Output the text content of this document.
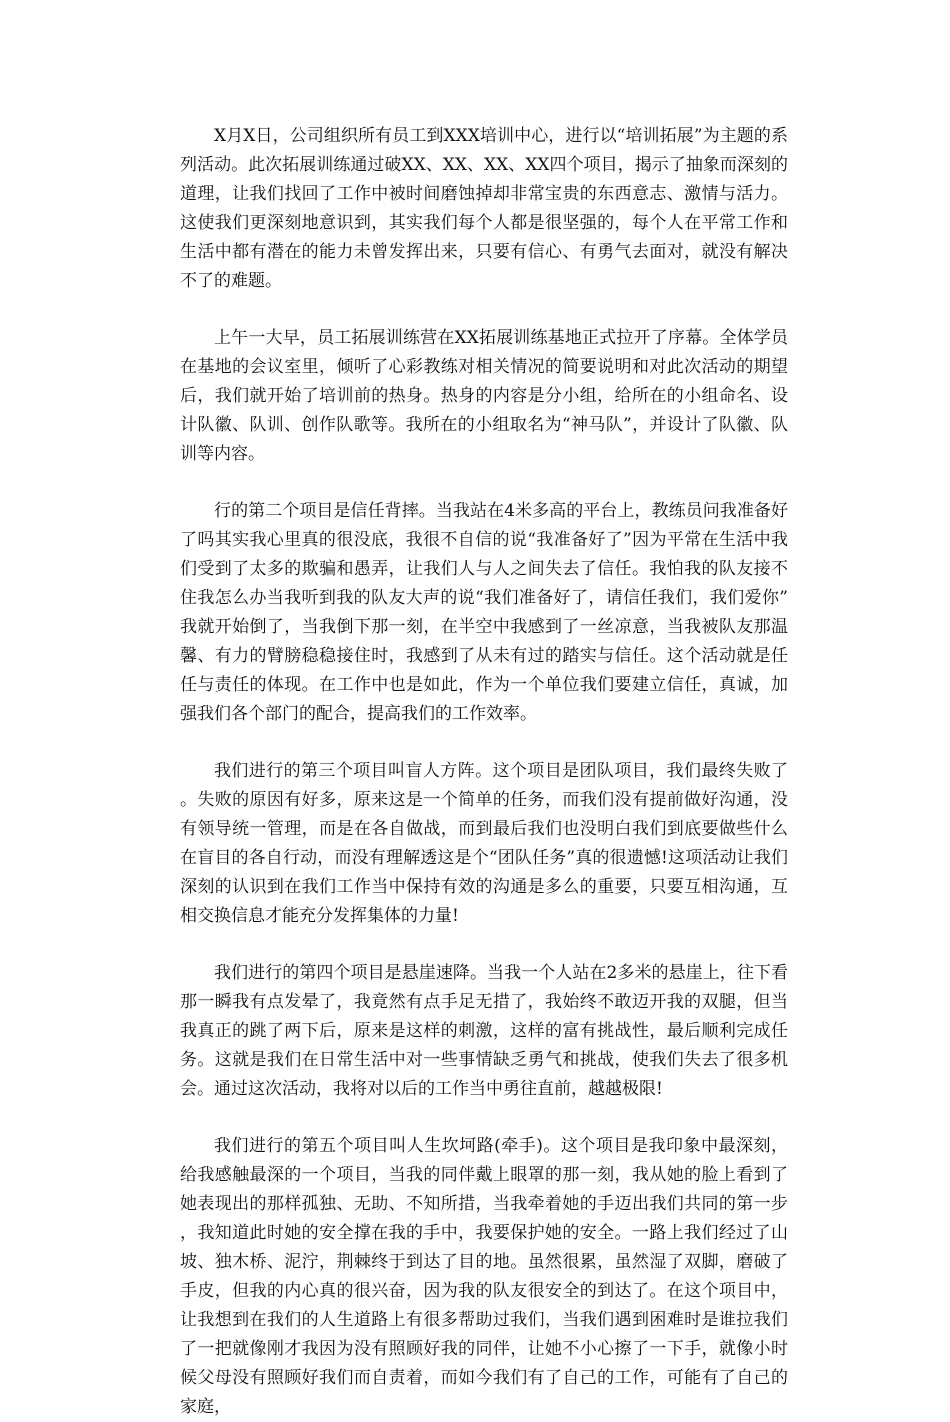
X月X日，公司组织所有员工到XXX培训中心，进行以“培训拓展”为主题的系列活动。此次拓展训练通过破XX、XX、XX、XX四个项目，揭示了抽象而深刻的道理，让我们找回了工作中被时间磨蚀掉却非常宝贵的东西意志、激情与活力。这使我们更深刻地意识到，其实我们每个人都是很坚强的，每个人在平常工作和生活中都有潜在的能力未曾发挥出来，只要有信心、有勇气去面对，就没有解决不了的难题。

上午一大早，员工拓展训练营在XX拓展训练基地正式拉开了序幕。全体学员在基地的会议室里，倾听了心彩教练对相关情况的简要说明和对此次活动的期望后，我们就开始了培训前的热身。热身的内容是分小组，给所在的小组命名、设计队徽、队训、创作队歌等。我所在的小组取名为“神马队”，并设计了队徽、队训等内容。

行的第二个项目是信任背摔。当我站在4米多高的平台上，教练员问我准备好了吗其实我心里真的很没底，我很不自信的说“我准备好了”因为平常在生活中我们受到了太多的欺骗和愚弄，让我们人与人之间失去了信任。我怕我的队友接不住我怎么办当我听到我的队友大声的说“我们准备好了，请信任我们，我们爱你”我就开始倒了，当我倒下那一刻，在半空中我感到了一丝凉意，当我被队友那温馨、有力的臂膀稳稳接住时，我感到了从未有过的踏实与信任。这个活动就是任任与责任的体现。在工作中也是如此，作为一个单位我们要建立信任，真诚，加强我们各个部门的配合，提高我们的工作效率。

我们进行的第三个项目叫盲人方阵。这个项目是团队项目，我们最终失败了。失败的原因有好多，原来这是一个简单的任务，而我们没有提前做好沟通，没有领导统一管理，而是在各自做战，而到最后我们也没明白我们到底要做些什么在盲目的各自行动，而没有理解透这是个“团队任务”真的很遗憾!这项活动让我们深刻的认识到在我们工作当中保持有效的沟通是多么的重要，只要互相沟通，互相交换信息才能充分发挥集体的力量!

我们进行的第四个项目是悬崖速降。当我一个人站在2多米的悬崖上，往下看那一瞬我有点发晕了，我竟然有点手足无措了，我始终不敢迈开我的双腿，但当我真正的跳了两下后，原来是这样的刺激，这样的富有挑战性，最后顺利完成任务。这就是我们在日常生活中对一些事情缺乏勇气和挑战，使我们失去了很多机会。通过这次活动，我将对以后的工作当中勇往直前，越越极限!

我们进行的第五个项目叫人生坎坷路(牵手)。这个项目是我印象中最深刻，给我感触最深的一个项目，当我的同伴戴上眼罩的那一刻，我从她的脸上看到了她表现出的那样孤独、无助、不知所措，当我牵着她的手迈出我们共同的第一步，我知道此时她的安全撑在我的手中，我要保护她的安全。一路上我们经过了山坡、独木桥、泥泞，荆棘终于到达了目的地。虽然很累，虽然湿了双脚，磨破了手皮，但我的内心真的很兴奋，因为我的队友很安全的到达了。在这个项目中，让我想到在我们的人生道路上有很多帮助过我们，当我们遇到困难时是谁拉我们了一把就像刚才我因为没有照顾好我的同伴，让她不小心擦了一下手，就像小时候父母没有照顾好我们而自责着，而如今我们有了自己的工作，可能有了自己的家庭，
